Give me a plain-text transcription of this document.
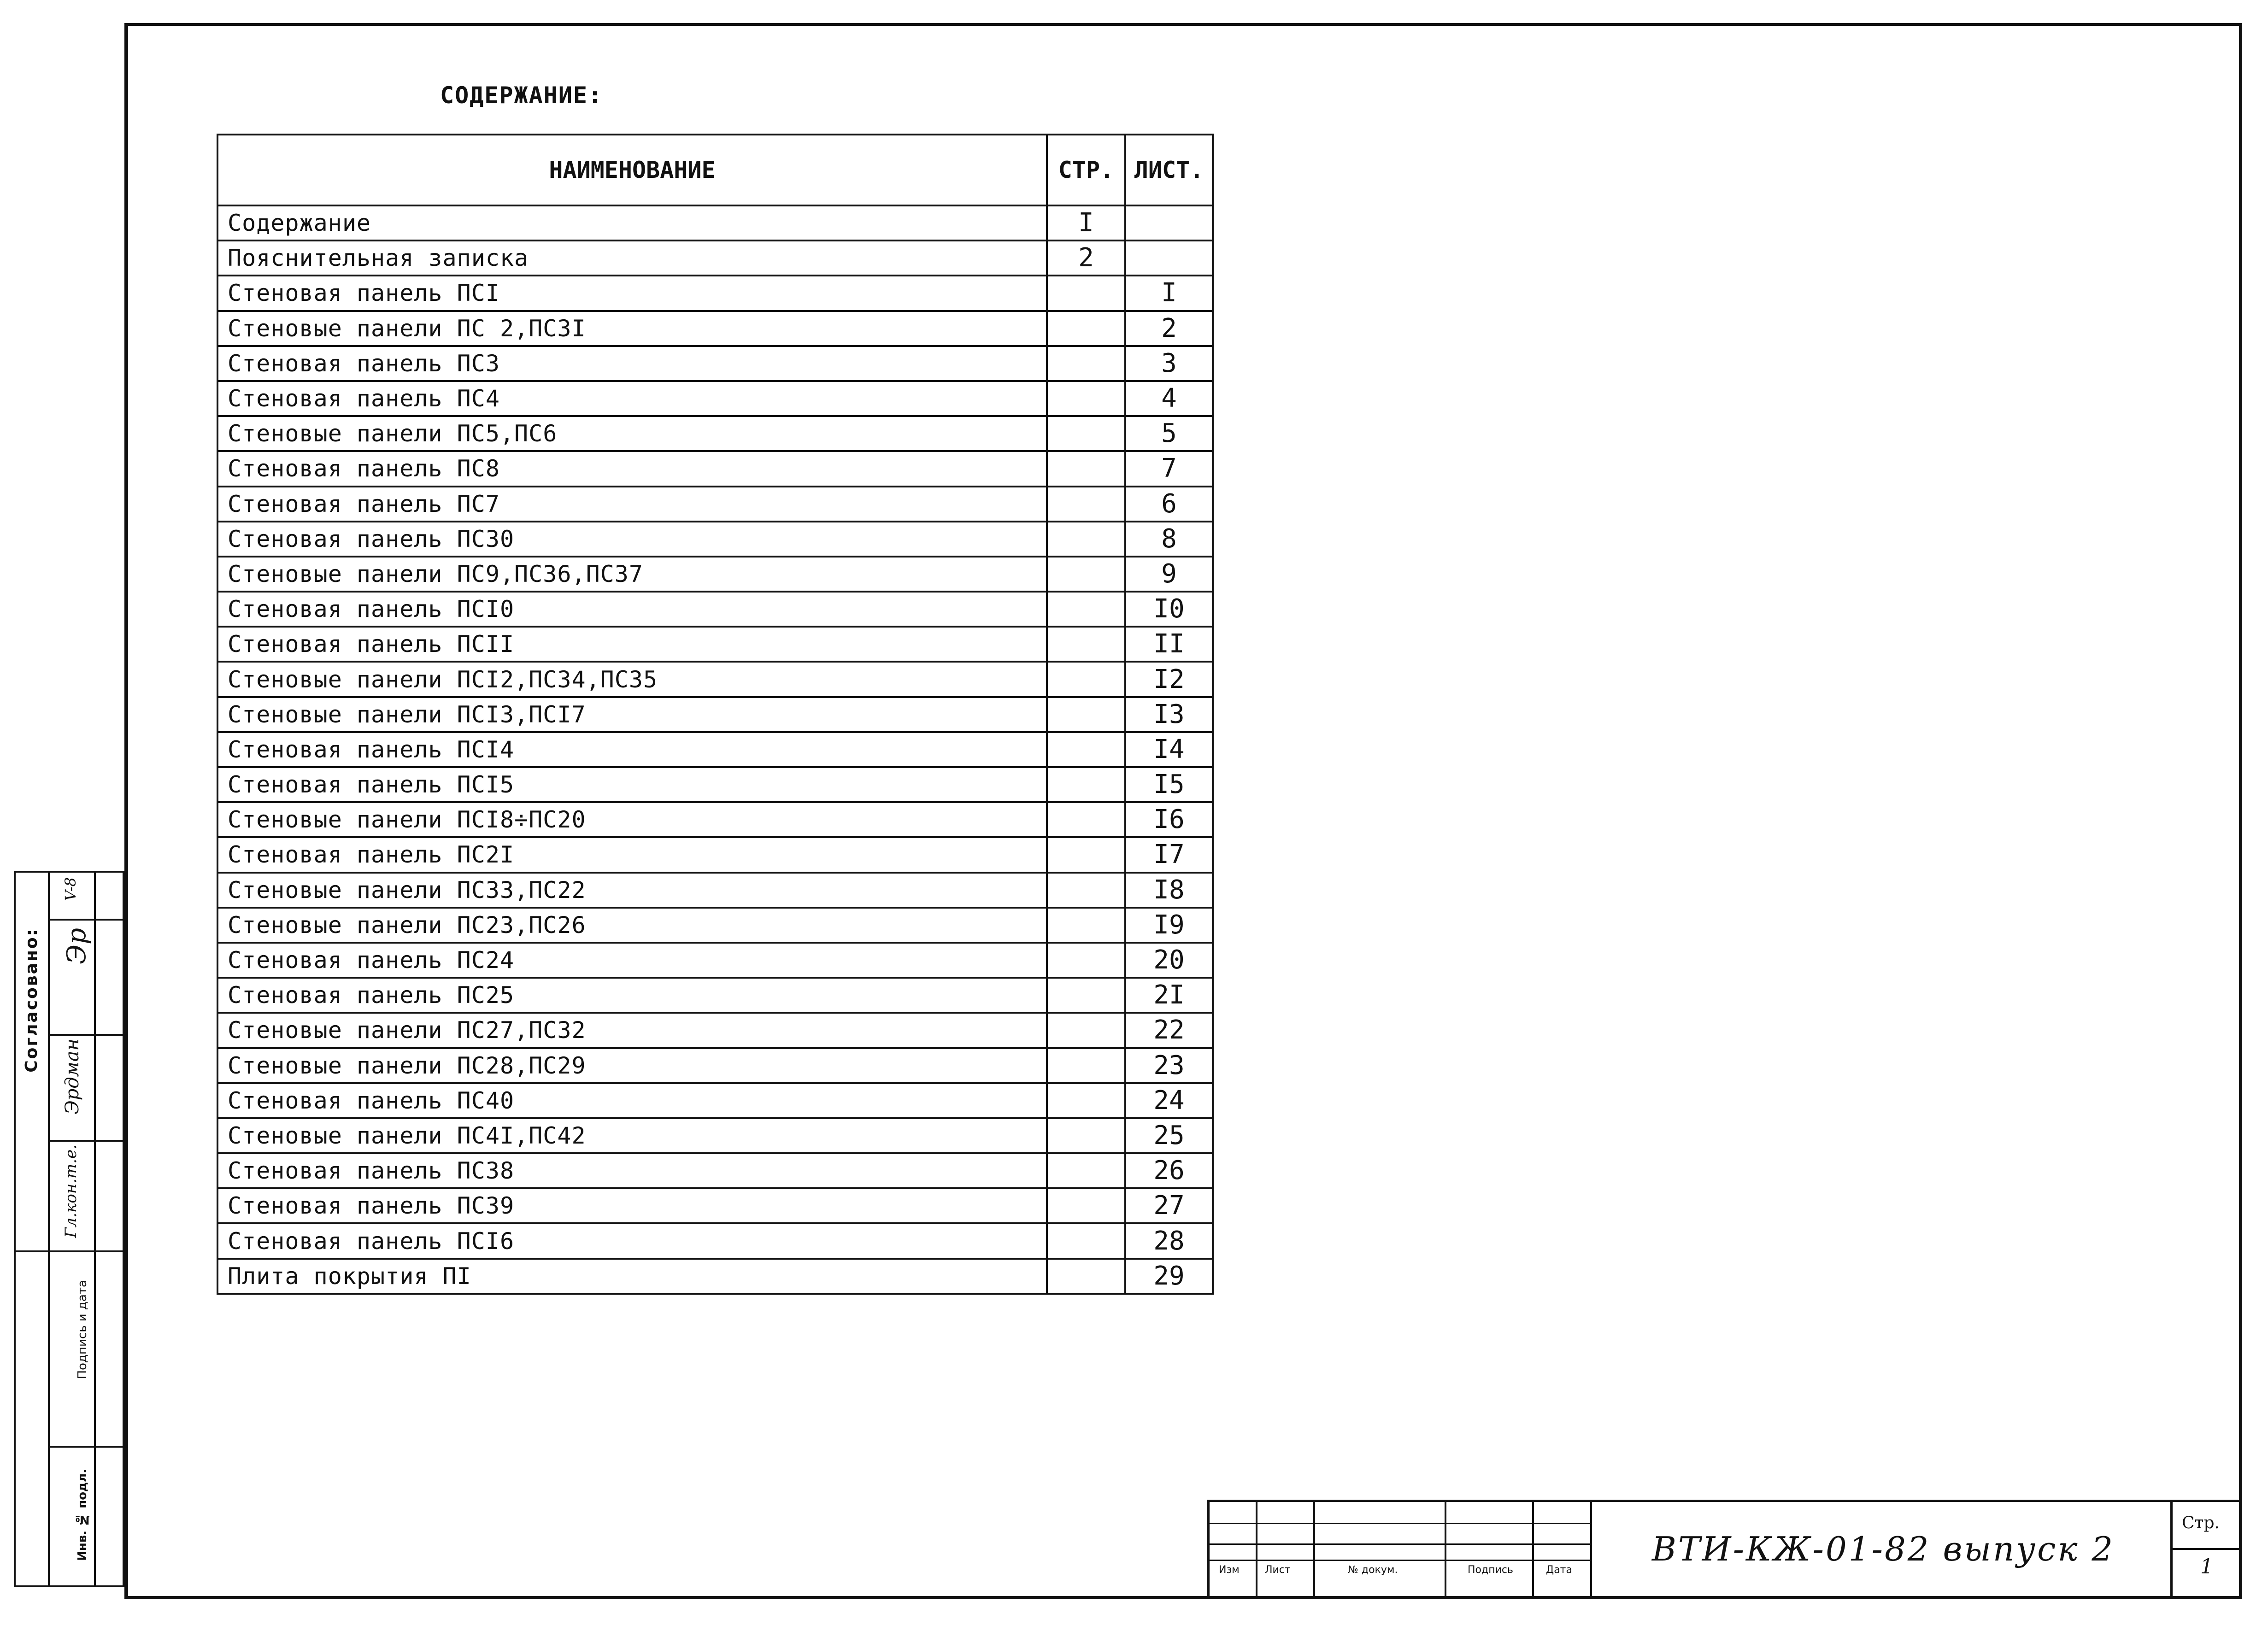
СОДЕРЖАНИЕ:
НАИМЕНОВАНИЕ	СТР.	ЛИСТ.
Содержание	I	
Пояснительная записка	2	
Стеновая панель ПСI		I
Стеновые панели ПС 2,ПС3I		2
Стеновая панель ПС3		3
Стеновая панель ПС4		4
Стеновые панели ПС5,ПС6		5
Стеновая панель ПС8		7
Стеновая панель ПС7		6
Стеновая панель ПС30		8
Стеновые панели ПС9,ПС36,ПС37		9
Стеновая панель ПСI0		I0
Стеновая панель ПСII		II
Стеновые панели ПСI2,ПС34,ПС35		I2
Стеновые панели ПСI3,ПСI7		I3
Стеновая панель ПСI4		I4
Стеновая панель ПСI5		I5
Стеновые панели ПСI8÷ПС20		I6
Стеновая панель ПС2I		I7
Стеновые панели ПС33,ПС22		I8
Стеновые панели ПС23,ПС26		I9
Стеновая панель ПС24		20
Стеновая панель ПС25		2I
Стеновые панели ПС27,ПС32		22
Стеновые панели ПС28,ПС29		23
Стеновая панель ПС40		24
Стеновые панели ПС4I,ПС42		25
Стеновая панель ПС38		26
Стеновая панель ПС39		27
Стеновая панель ПСI6		28
Плита покрытия ПI		29
Согласовано:
Гл.кон.т.е.
Эрдман
Эр
V-8
Подпись и дата
Инв. № подл.
Изм	Лист	№ докум.	Подпись	Дата
ВТИ-КЖ-01-82 выпуск 2
Стр.
1
